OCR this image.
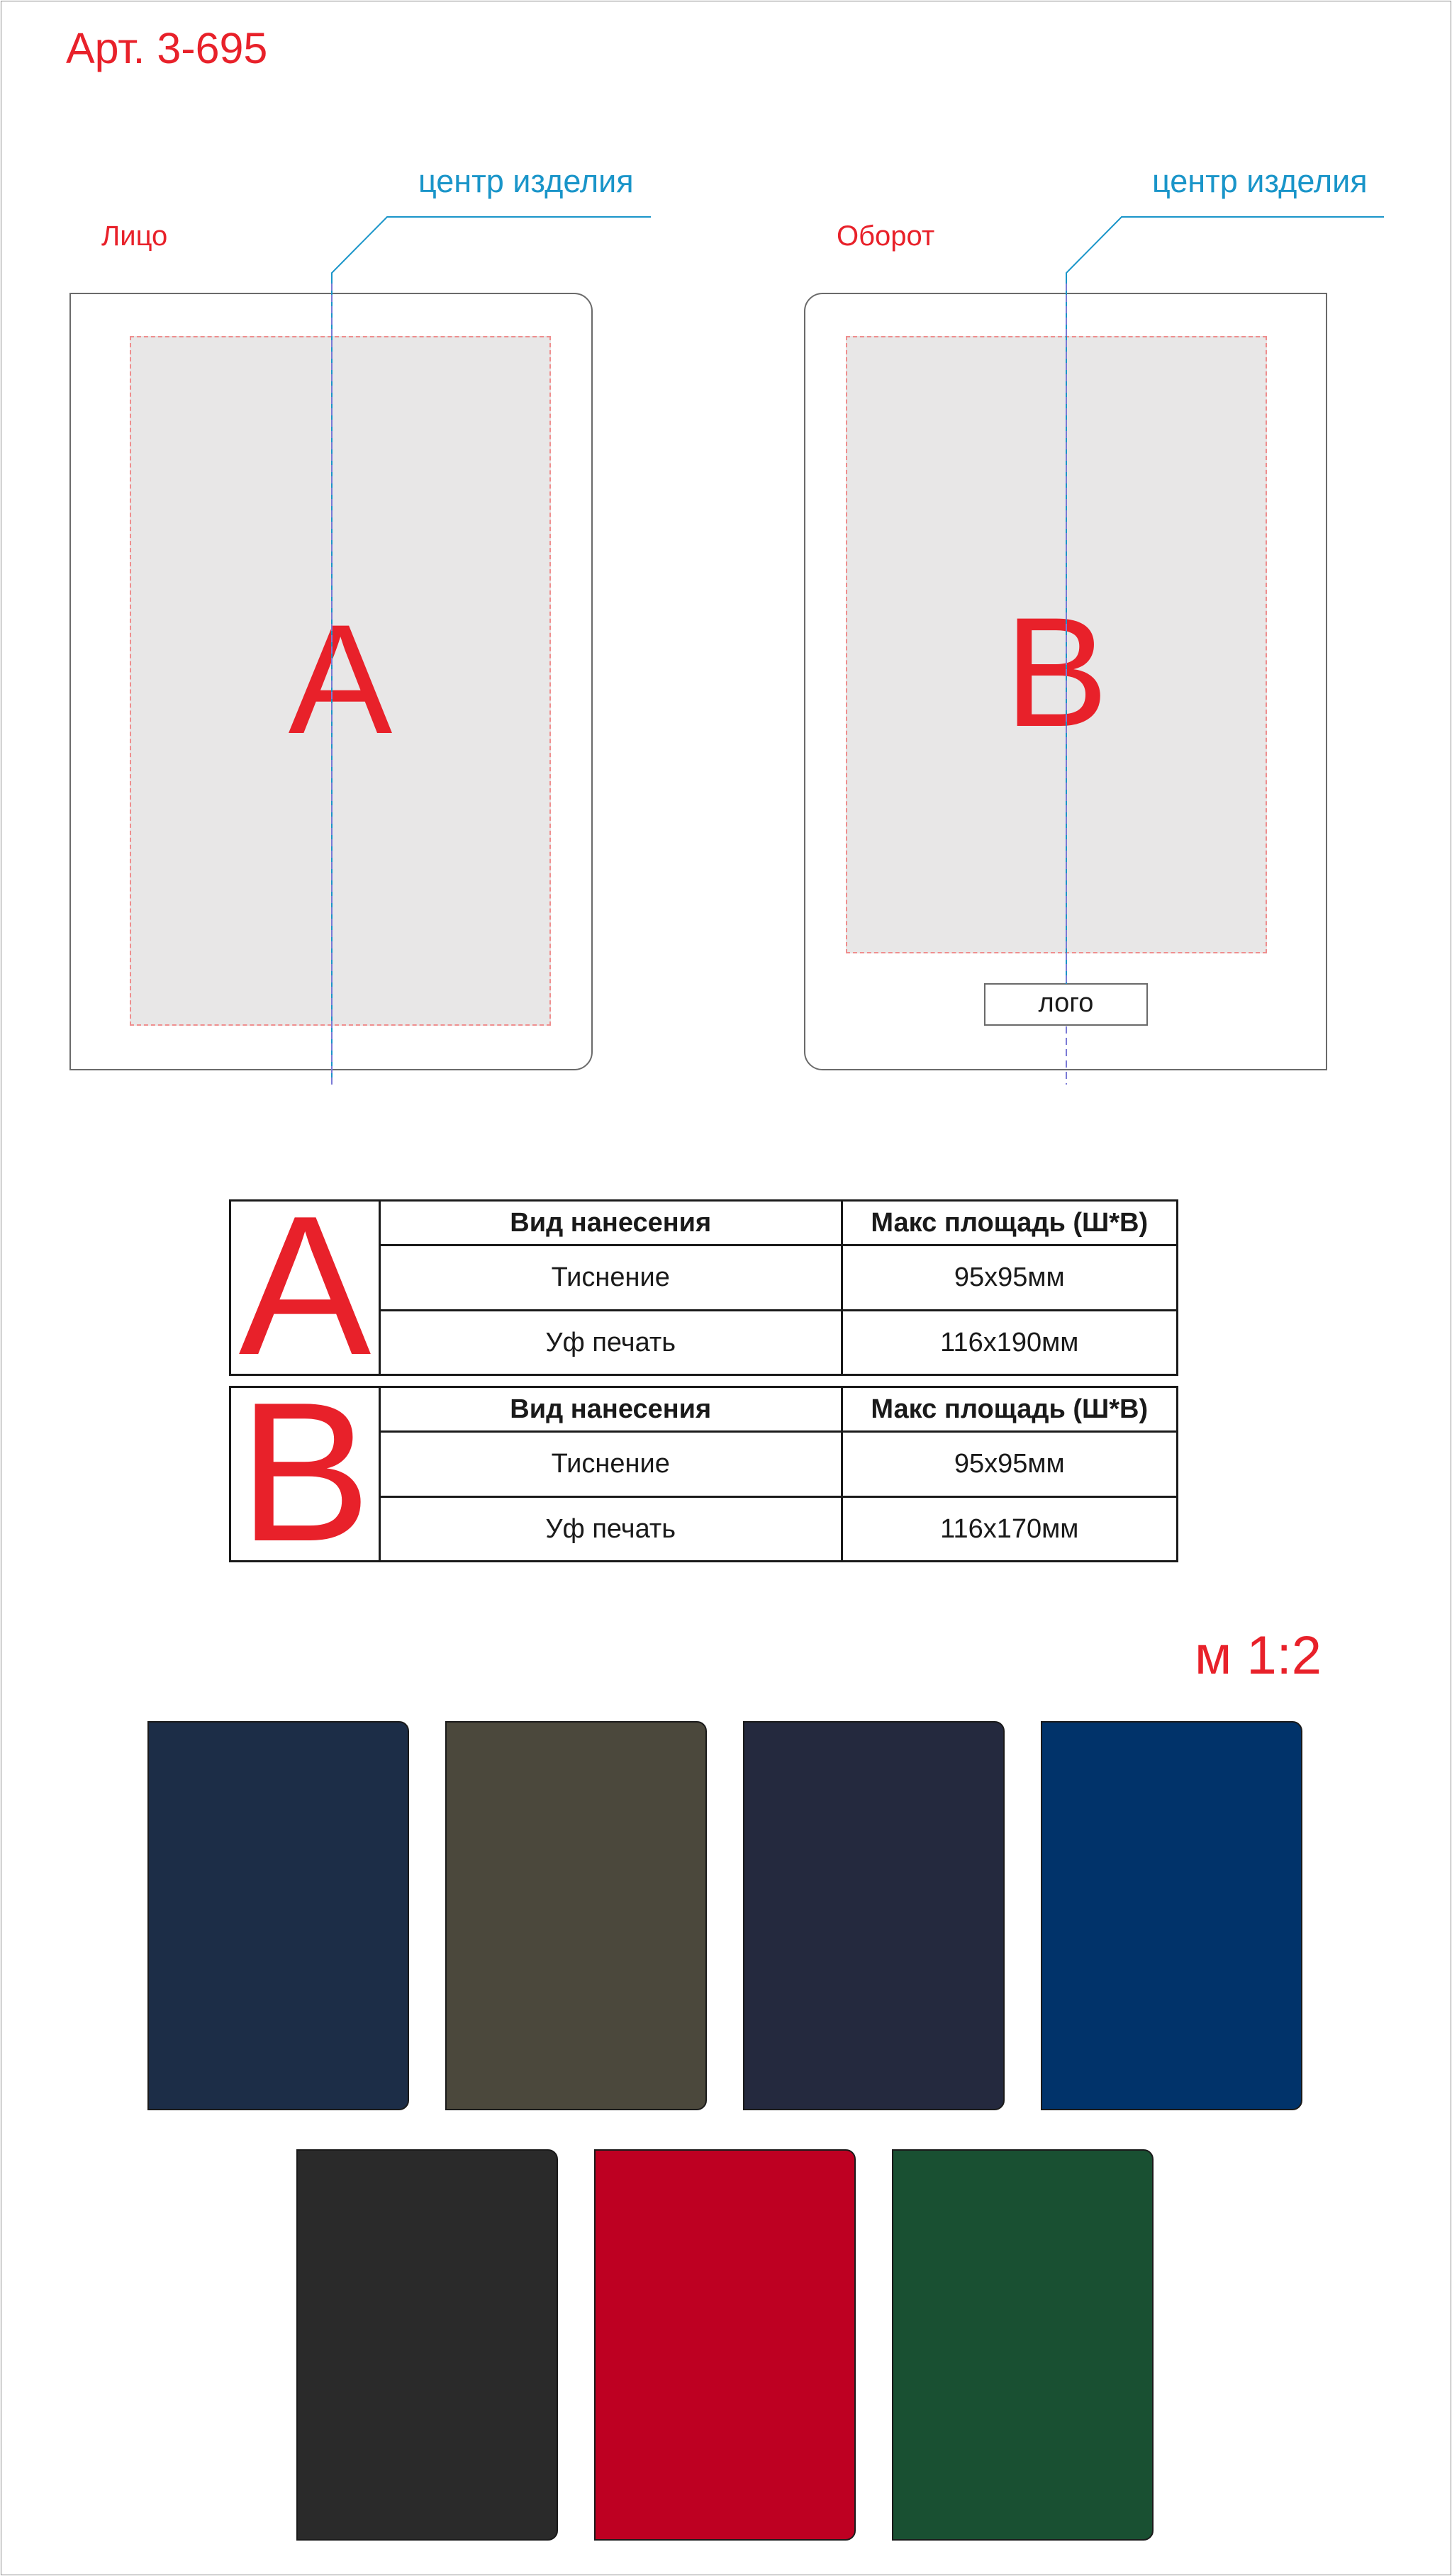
Арт. 3-695
Лицо
центр изделия
A
Оборот
центр изделия
B
лого
A	Вид нанесения	Макс площадь (Ш*В)
Тиснение	95х95мм
Уф печать	116х190мм
B	Вид нанесения	Макс площадь (Ш*В)
Тиснение	95х95мм
Уф печать	116х170мм
м 1:2
